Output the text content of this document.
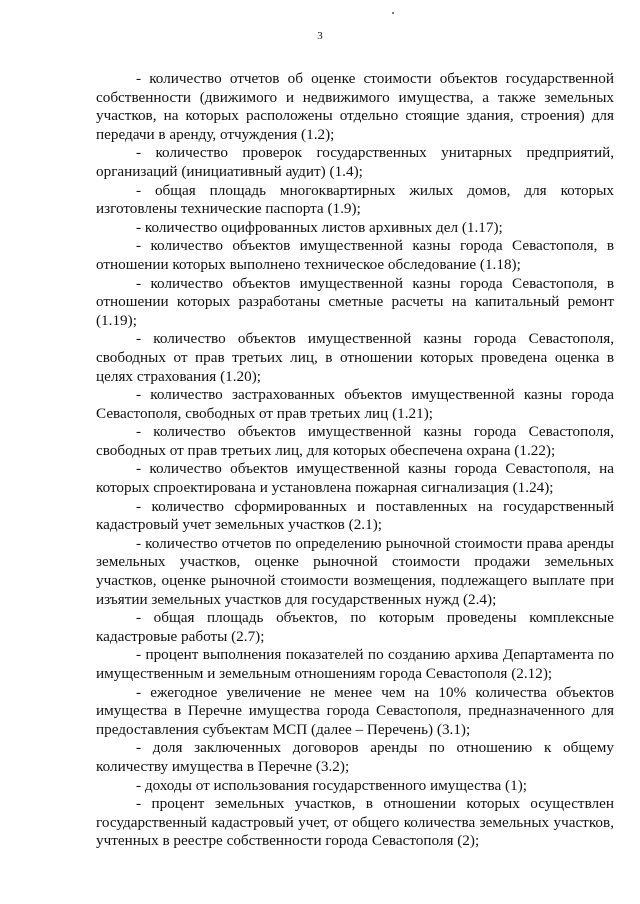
3

- количество отчетов об оценке стоимости объектов государственной собственности (движимого и недвижимого имущества, а также земельных участков, на которых расположены отдельно стоящие здания, строения) для передачи в аренду, отчуждения (1.2);

- количество проверок государственных унитарных предприятий, организаций (инициативный аудит) (1.4);

- общая площадь многоквартирных жилых домов, для которых изготовлены технические паспорта (1.9);

- количество оцифрованных листов архивных дел (1.17);

- количество объектов имущественной казны города Севастополя, в отношении которых выполнено техническое обследование (1.18);

- количество объектов имущественной казны города Севастополя, в отношении которых разработаны сметные расчеты на капитальный ремонт (1.19);

- количество объектов имущественной казны города Севастополя, свободных от прав третьих лиц, в отношении которых проведена оценка в целях страхования (1.20);

- количество застрахованных объектов имущественной казны города Севастополя, свободных от прав третьих лиц (1.21);

- количество объектов имущественной казны города Севастополя, свободных от прав третьих лиц, для которых обеспечена охрана (1.22);

- количество объектов имущественной казны города Севастополя, на которых спроектирована и установлена пожарная сигнализация (1.24);

- количество сформированных и поставленных на государственный кадастровый учет земельных участков (2.1);

- количество отчетов по определению рыночной стоимости права аренды земельных участков, оценке рыночной стоимости продажи земельных участков, оценке рыночной стоимости возмещения, подлежащего выплате при изъятии земельных участков для государственных нужд (2.4);

- общая площадь объектов, по которым проведены комплексные кадастровые работы (2.7);

- процент выполнения показателей по созданию архива Департамента по имущественным и земельным отношениям города Севастополя (2.12);

- ежегодное увеличение не менее чем на 10% количества объектов имущества в Перечне имущества города Севастополя, предназначенного для предоставления субъектам МСП (далее – Перечень) (3.1);

- доля заключенных договоров аренды по отношению к общему количеству имущества в Перечне (3.2);

- доходы от использования государственного имущества (1);

- процент земельных участков, в отношении которых осуществлен государственный кадастровый учет, от общего количества земельных участков, учтенных в реестре собственности города Севастополя (2);
